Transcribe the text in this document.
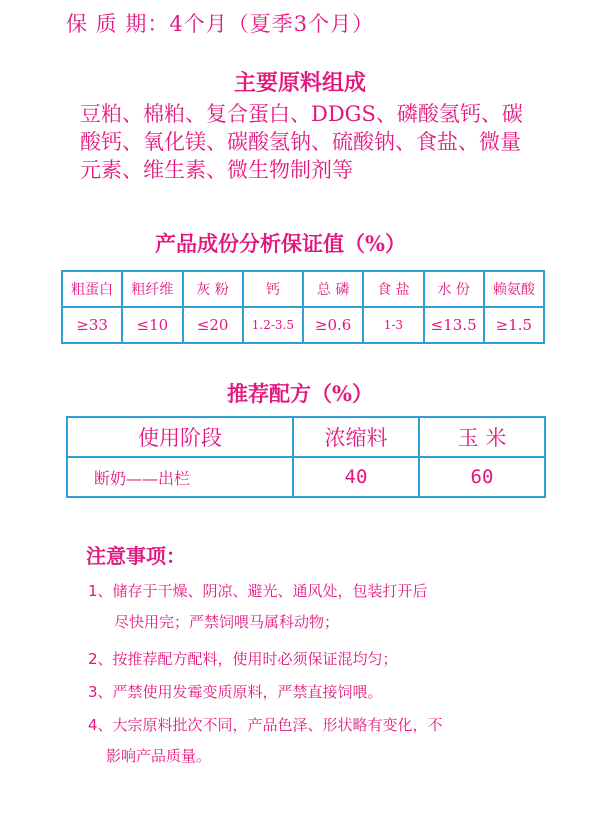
保 质 期：4个月（夏季3个月）
主要原料组成
豆粕、棉粕、复合蛋白、DDGS、磷酸氢钙、碳酸钙、氧化镁、碳酸氢钠、硫酸钠、食盐、微量元素、维生素、微生物制剂等
产品成份分析保证值（%）
粗蛋白	粗纤维	灰 粉	钙	总 磷	食 盐	水 份	赖氨酸
≥33	≤10	≤20	1.2-3.5	≥0.6	1-3	≤13.5	≥1.5
推荐配方（%）
使用阶段	浓缩料	玉 米
断奶——出栏	40	60
注意事项：
1、储存于干燥、阴凉、避光、通风处，包装打开后
尽快用完；严禁饲喂马属科动物；
2、按推荐配方配料，使用时必须保证混均匀；
3、严禁使用发霉变质原料，严禁直接饲喂。
4、大宗原料批次不同，产品色泽、形状略有变化，不
影响产品质量。
